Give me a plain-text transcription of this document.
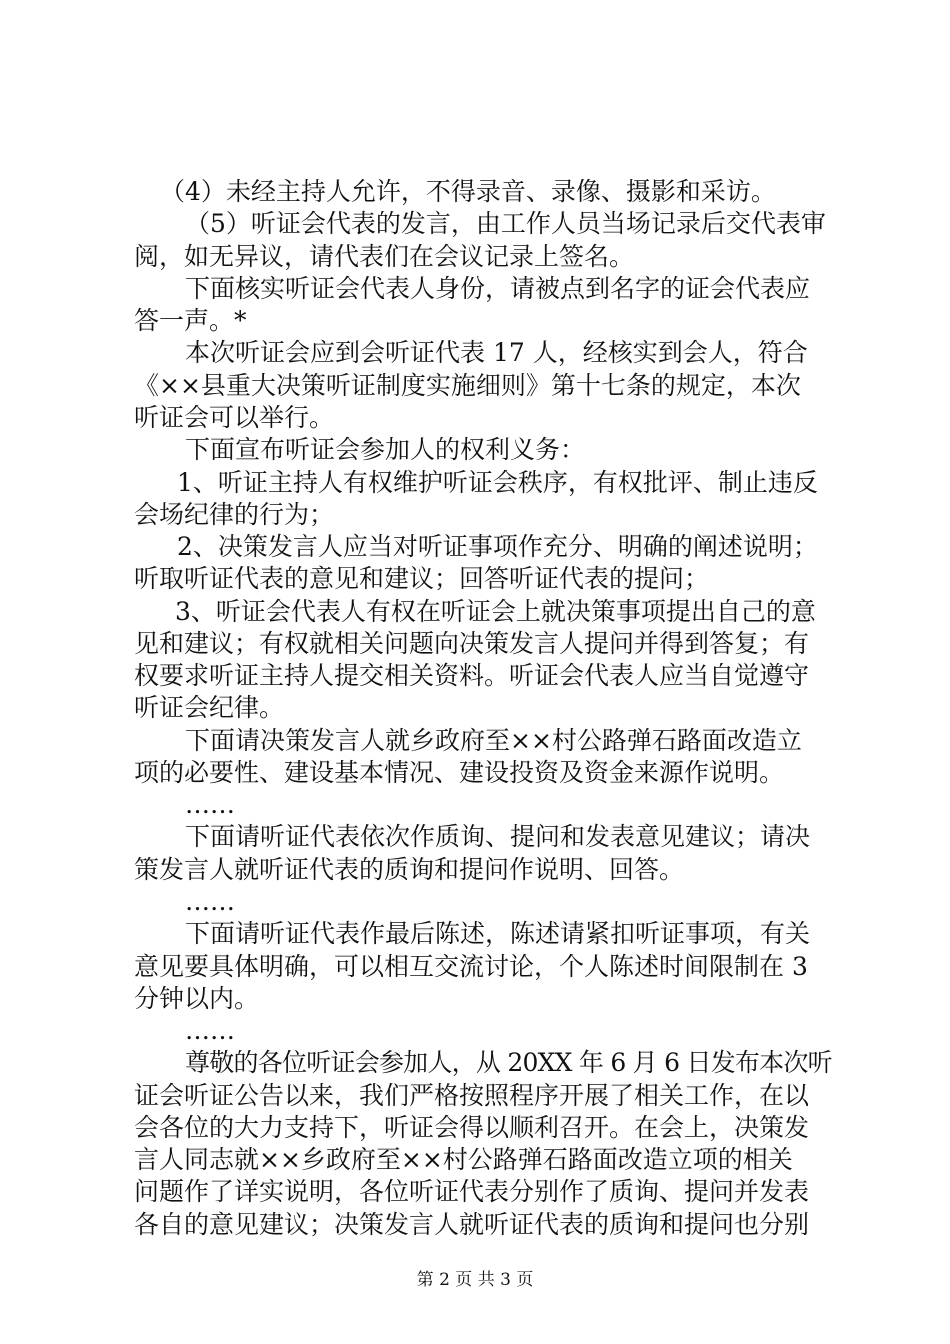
（4）未经主持人允许，不得录音、录像、摄影和采访。
（5）听证会代表的发言，由工作人员当场记录后交代表审
阅，如无异议，请代表们在会议记录上签名。
下面核实听证会代表人身份，请被点到名字的证会代表应
答一声。*
本次听证会应到会听证代表 17 人，经核实到会人，符合
《××县重大决策听证制度实施细则》第十七条的规定，本次
听证会可以举行。
下面宣布听证会参加人的权利义务：
1、听证主持人有权维护听证会秩序，有权批评、制止违反
会场纪律的行为；
2、决策发言人应当对听证事项作充分、明确的阐述说明；
听取听证代表的意见和建议；回答听证代表的提问；
3、听证会代表人有权在听证会上就决策事项提出自己的意
见和建议；有权就相关问题向决策发言人提问并得到答复；有
权要求听证主持人提交相关资料。听证会代表人应当自觉遵守
听证会纪律。
下面请决策发言人就乡政府至××村公路弹石路面改造立
项的必要性、建设基本情况、建设投资及资金来源作说明。
……
下面请听证代表依次作质询、提问和发表意见建议；请决
策发言人就听证代表的质询和提问作说明、回答。
……
下面请听证代表作最后陈述，陈述请紧扣听证事项，有关
意见要具体明确，可以相互交流讨论，个人陈述时间限制在 3
分钟以内。
……
尊敬的各位听证会参加人，从 20XX 年 6 月 6 日发布本次听
证会听证公告以来，我们严格按照程序开展了相关工作，在以
会各位的大力支持下，听证会得以顺利召开。在会上，决策发
言人同志就××乡政府至××村公路弹石路面改造立项的相关
问题作了详实说明，各位听证代表分别作了质询、提问并发表
各自的意见建议；决策发言人就听证代表的质询和提问也分别
第 2 页 共 3 页
